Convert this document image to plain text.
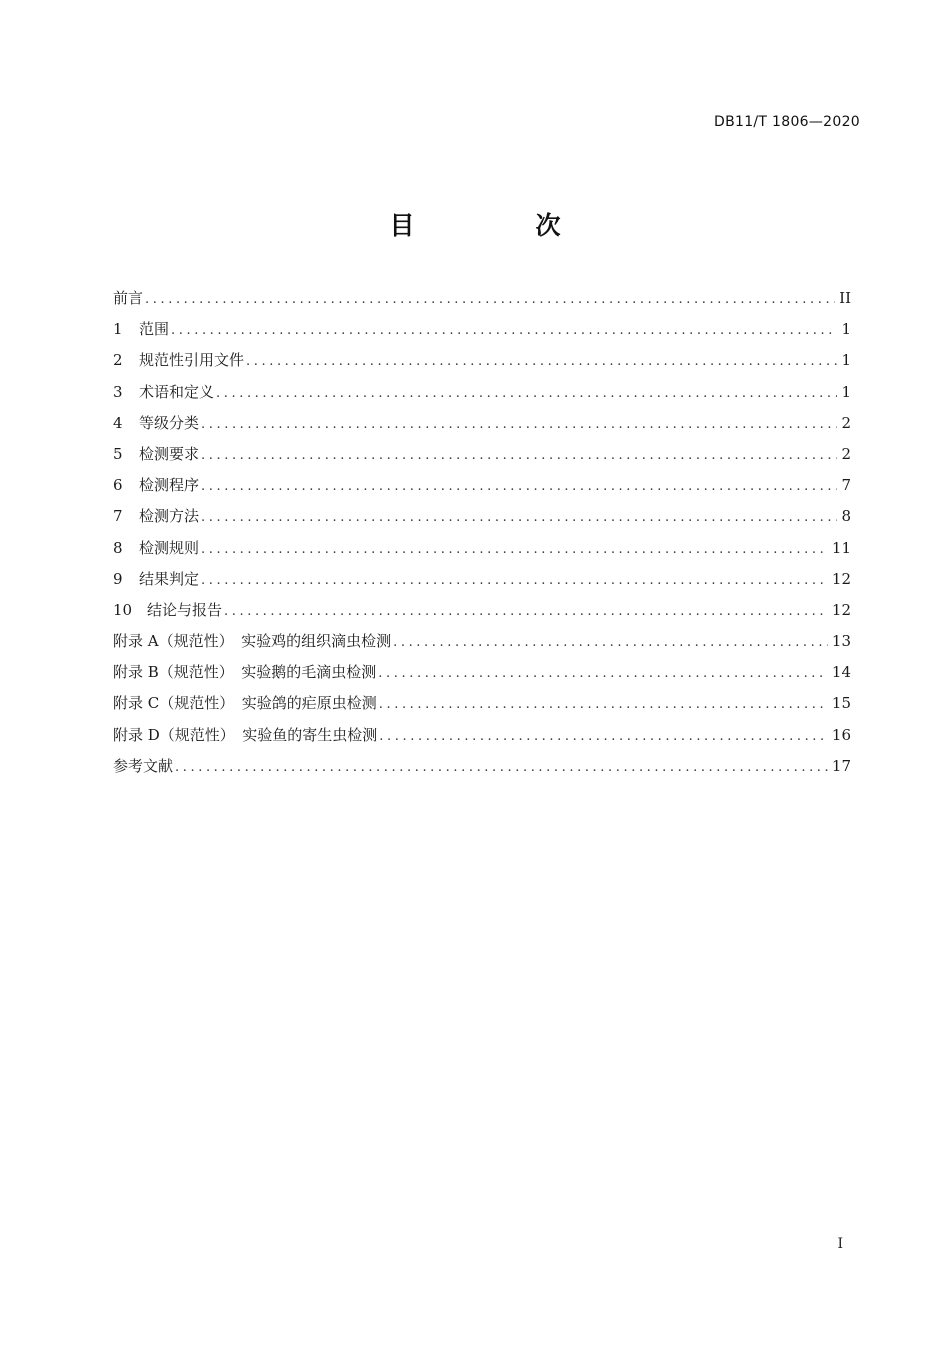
DB11/T 1806—2020
目　次
前言 .....	II
1 范围 .....	1
2 规范性引用文件 .....	1
3 术语和定义 .....	1
4 等级分类 .....	2
5 检测要求 .....	2
6 检测程序 .....	7
7 检测方法 .....	8
8 检测规则 .....	11
9 结果判定 .....	12
10 结论与报告 .....	12
附录 A（规范性）　实验鸡的组织滴虫检测 .....	13
附录 B（规范性）　实验鹅的毛滴虫检测 .....	14
附录 C（规范性）　实验鸽的疟原虫检测 .....	15
附录 D（规范性）　实验鱼的寄生虫检测 .....	16
参考文献 .....	17
I
